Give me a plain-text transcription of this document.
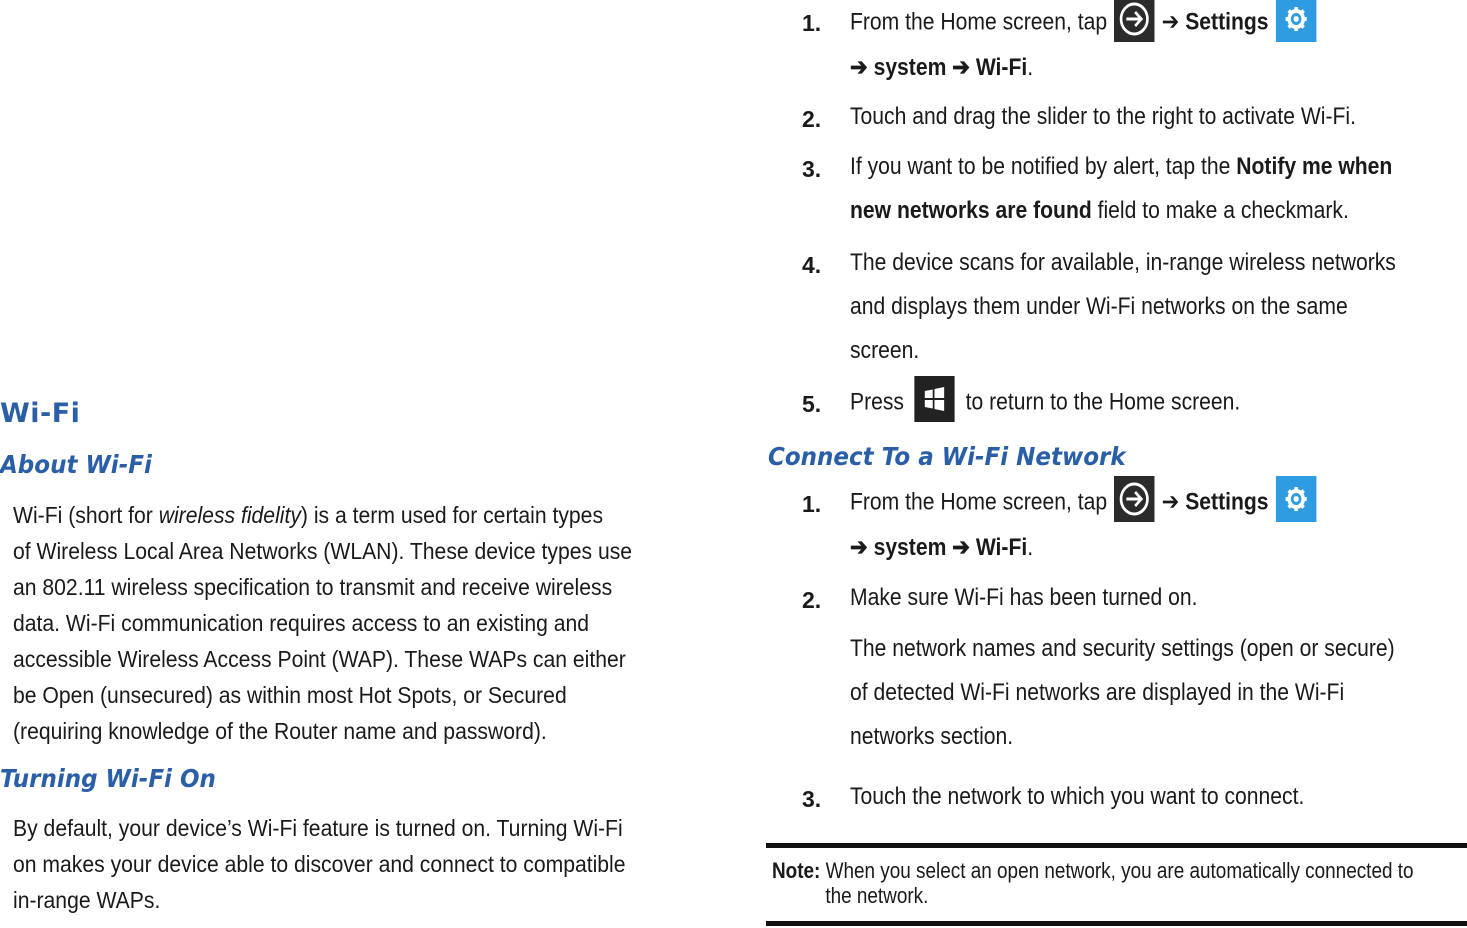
Wi-Fi
About Wi-Fi
Wi-Fi (short for wireless fidelity) is a term used for certain types
of Wireless Local Area Networks (WLAN). These device types use
an 802.11 wireless specification to transmit and receive wireless
data. Wi-Fi communication requires access to an existing and
accessible Wireless Access Point (WAP). These WAPs can either
be Open (unsecured) as within most Hot Spots, or Secured
(requiring knowledge of the Router name and password).
Turning Wi-Fi On
By default, your device’s Wi-Fi feature is turned on. Turning Wi-Fi
on makes your device able to discover and connect to compatible
in-range WAPs.
1. From the Home screen, tap ➔ Settings
➔ system ➔ Wi-Fi.
2. Touch and drag the slider to the right to activate Wi-Fi.
3. If you want to be notified by alert, tap the Notify me when
new networks are found field to make a checkmark.
4. The device scans for available, in-range wireless networks
and displays them under Wi-Fi networks on the same
screen.
5. Press	to return to the Home screen.
Connect To a Wi-Fi Network
1. From the Home screen, tap ➔ Settings
➔ system ➔ Wi-Fi.
2. Make sure Wi-Fi has been turned on.
The network names and security settings (open or secure)
of detected Wi-Fi networks are displayed in the Wi-Fi
networks section.
3. Touch the network to which you want to connect.
Note: When you select an open network, you are automatically connected to
the network.
